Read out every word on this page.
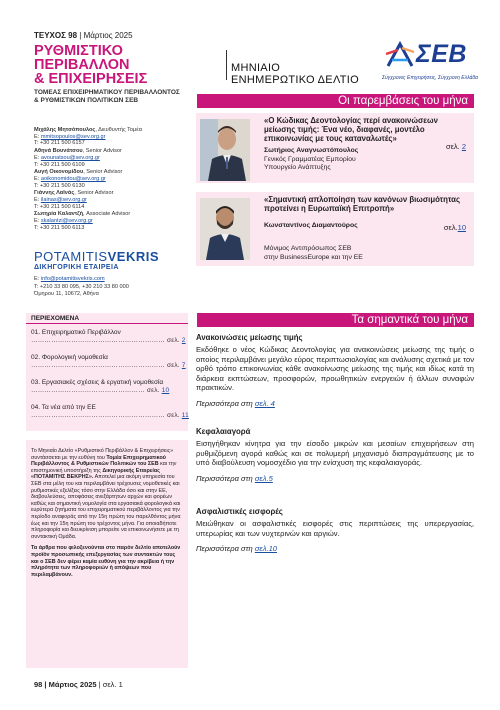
ΤΕΥΧΟΣ 98 | Μάρτιος 2025
ΡΥΘΜΙΣΤΙΚΟ ΠΕΡΙΒΑΛΛΟΝ
& ΕΠΙΧΕΙΡΗΣΕΙΣ
ΜΗΝΙΑΙΟ
ΕΝΗΜΕΡΩΤΙΚΟ ΔΕΛΤΙΟ
ΣΕΒ
Σύγχρονες Επιχειρήσεις, Σύγχρονη Ελλάδα
ΤΟΜΕΑΣ ΕΠΙΧΕΙΡΗΜΑΤΙΚΟΥ ΠΕΡΙΒΑΛΛΟΝΤΟΣ & ΡΥΘΜΙΣΤΙΚΩΝ ΠΟΛΙΤΙΚΩΝ ΣΕΒ
Μιχάλης Μητσόπουλος, Διευθυντής Τομέα
E: mmitsopoulos@sev.org.gr
T: +30 211 500 6157
Αθηνά Βουνάτσου, Senior Advisor
E: avounatsou@sev.org.gr
T: +30 211 500 6109
Αυγή Οικονομίδου, Senior Advisor
E: aoikonomidou@sev.org.gr
T: +30 211 500 6130
Γιάννης Λαϊνάς, Senior Advisor
E: ilainas@sev.org.gr
T: +30 211 500 6114
Σωτηρία Καλαντζή, Associate Advisor
E: skalantzi@sev.org.gr
T: +30 211 500 6113
POTAMITISVEKRIS
ΔΙΚΗΓΟΡΙΚΗ ΕΤΑΙΡΕΙΑ
E: info@potamitisvekris.com
T: +210 33 80 095, +30 210 33 80 000
Όμηρου 11, 10672, Αθήνα
Οι παρεμβάσεις του μήνα
«Ο Κώδικας Δεοντολογίας περί ανακοινώσεων μείωσης τιμής: Ένα νέο, διαφανές, μοντέλο επικοινωνίας με τους καταναλωτές»
Σωτήριος Αναγνωστόπουλος
Γενικός Γραμματέας Εμπορίου
Υπουργείο Ανάπτυξης
σελ. 2
«Σημαντική απλοποίηση των κανόνων βιωσιμότητας προτείνει η Ευρωπαϊκή Επιτροπή»
Κωνσταντίνος Διαμαντούρος
Μόνιμος Αντιπρόσωπος ΣΕΒ
στην BusinessEurope και την ΕΕ
σελ.10
ΠΕΡΙΕΧΟΜΕΝΑ
01. Επιχειρηματικό Περιβάλλον
…………………………………………………… σελ. 2
02. Φορολογική νομοθεσία
…………………………………………………… σελ. 7
03. Εργασιακές σχέσεις & εργατική νομοθεσία
…………………………………………… σελ. 10
04. Τα νέα από την ΕΕ
…………………………………………………… σελ. 11

Το Μηνιαίο Δελτίο «Ρυθμιστικό Περιβάλλον & Επιχειρήσεις» συντάσσεται με την ευθύνη του Τομέα Επιχειρηματικού Περιβάλλοντος & Ρυθμιστικών Πολιτικών του ΣΕΒ και την επιστημονική υποστήριξη της Δικηγορικής Εταιρείας «ΠΟΤΑΜΙΤΗΣ ΒΕΚΡΗΣ». Αποτελεί μια ακόμη υπηρεσία του ΣΕΒ στα μέλη του και περιλαμβάνει τρέχουσες νομοθετικές και ρυθμιστικές εξελίξεις τόσο στην Ελλάδα όσο και στην ΕΕ, διαβουλεύσεις, αποφάσεις ανεξάρτητων αρχών και φορέων καθώς και σημαντική νομολογία στα εργασιακά φορολογικά και ευρύτερα ζητήματα του επιχειρηματικού περιβάλλοντος για την περίοδο αναφοράς από την 15η πρώτη του παρελθόντος μήνα έως και την 15η πρώτη του τρέχοντος μήνα. Για οποιαδήποτε πληροφορία και διευκρίνιση μπορείτε να επικοινωνήσετε με τη συντακτική Ομάδα.

Τα άρθρα που φιλοξενούνται στο παρόν δελτίο αποτελούν προϊόν προσωπικής επεξεργασίας των συντακτών τους και ο ΣΕΒ δεν φέρει καμία ευθύνη για την ακρίβεια ή την πληρότητα των πληροφοριών ή απόψεων που περιλαμβάνουν.

Τα σημαντικά του μήνα
Ανακοινώσεις μείωσης τιμής
Εκδόθηκε ο νέος Κώδικας Δεοντολογίας για ανακοινώσεις μείωσης της τιμής ο οποίος περιλαμβάνει μεγάλο εύρος περιπτωσιολογίας και ανάλυσης σχετικά με τον ορθό τρόπο επικοινωνίας κάθε ανακοίνωσης μείωσης της τιμής και ιδίως κατά τη διάρκεια εκπτώσεων, προσφορών, προωθητικών ενεργειών ή άλλων συναφών πρακτικών.
Περισσότερα στη σελ. 4
Κεφαλαιαγορά
Εισηγήθηκαν κίνητρα για την είσοδο μικρών και μεσαίων επιχειρήσεων στη ρυθμιζόμενη αγορά καθώς και σε πολυμερή μηχανισμό διαπραγμάτευσης με το υπό διαβούλευση νομοσχέδιο για την ενίσχυση της κεφαλαιαγοράς.
Περισσότερα στη σελ.5
Ασφαλιστικές εισφορές
Μειώθηκαν οι ασφαλιστικές εισφορές στις περιπτώσεις της υπερεργασίας, υπερωρίας και των νυχτερινών και αργιών.
Περισσότερα στη σελ.10
98 | Μάρτιος 2025 | σελ. 1
